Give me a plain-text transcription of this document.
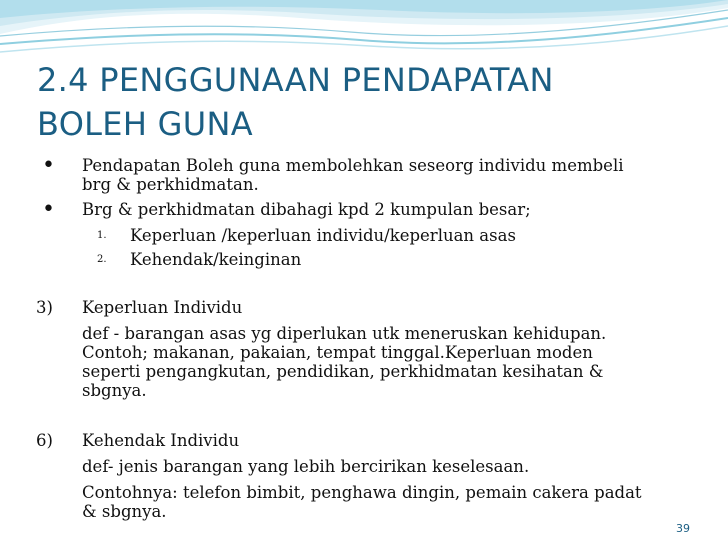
2.4 PENGGUNAAN PENDAPATAN
BOLEH GUNA
• Pendapatan Boleh guna membolehkan seseorg individu membeli
brg & perkhidmatan.
• Brg & perkhidmatan dibahagi kpd 2 kumpulan besar;
1. Keperluan /keperluan individu/keperluan asas
2. Kehendak/keinginan
3) Keperluan Individu
def - barangan asas yg diperlukan utk meneruskan kehidupan.
Contoh; makanan, pakaian, tempat tinggal.Keperluan moden
seperti pengangkutan, pendidikan, perkhidmatan kesihatan &
sbgnya.
6) Kehendak Individu
def- jenis barangan yang lebih bercirikan keselesaan.
Contohnya: telefon bimbit, penghawa dingin, pemain cakera padat
& sbgnya.
39
